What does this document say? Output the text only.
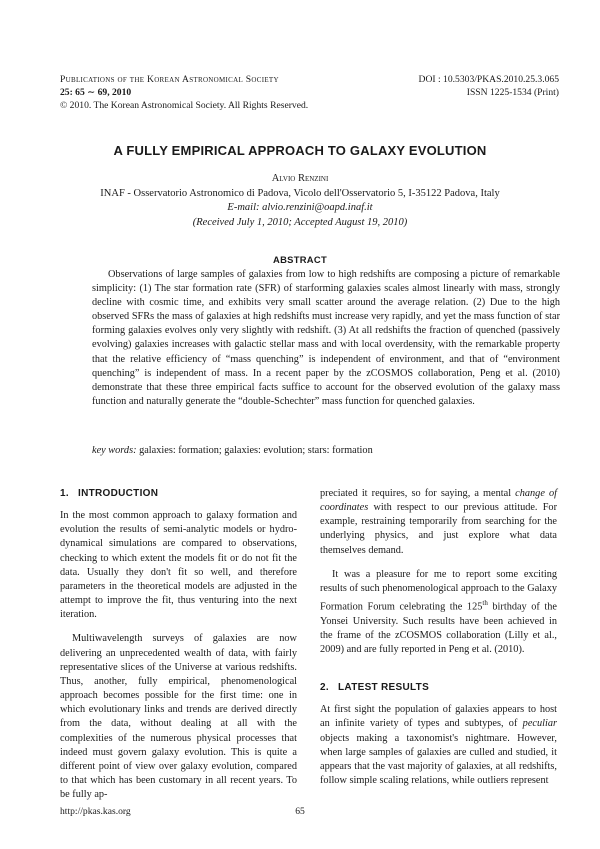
Publications of the Korean Astronomical Society
25: 65 ∼ 69, 2010
© 2010. The Korean Astronomical Society. All Rights Reserved.
DOI : 10.5303/PKAS.2010.25.3.065
ISSN 1225-1534 (Print)
A FULLY EMPIRICAL APPROACH TO GALAXY EVOLUTION
Alvio Renzini
INAF - Osservatorio Astronomico di Padova, Vicolo dell'Osservatorio 5, I-35122 Padova, Italy
E-mail: alvio.renzini@oapd.inaf.it
(Received July 1, 2010; Accepted August 19, 2010)
ABSTRACT

Observations of large samples of galaxies from low to high redshifts are composing a picture of remarkable simplicity: (1) The star formation rate (SFR) of starforming galaxies scales almost linearly with mass, strongly decline with cosmic time, and exhibits very small scatter around the average relation. (2) Due to the high observed SFRs the mass of galaxies at high redshifts must increase very rapidly, and yet the mass function of star forming galaxies evolves only very slightly with redshift. (3) At all redshifts the fraction of quenched (passively evolving) galaxies increases with galactic stellar mass and with local overdensity, with the remarkable property that the relative efficiency of “mass quenching” is independent of environment, and that of “environment quenching” is independent of mass. In a recent paper by the zCOSMOS collaboration, Peng et al. (2010) demonstrate that these three empirical facts suffice to account for the observed evolution of the galaxy mass function and naturally generate the “double-Schechter” mass function for quenched galaxies.

key words: galaxies: formation; galaxies: evolution; stars: formation
1. INTRODUCTION

In the most common approach to galaxy formation and evolution the results of semi-analytic models or hydro-dynamical simulations are compared to observations, checking to which extent the models fit or do not fit the data. Usually they don't fit so well, and therefore parameters in the theoretical models are adjusted in the attempt to improve the fit, thus venturing into the next iteration.

Multiwavelength surveys of galaxies are now delivering an unprecedented wealth of data, with fairly representative slices of the Universe at various redshifts. Thus, another, fully empirical, phenomenological approach becomes possible for the first time: one in which evolutionary links and trends are derived directly from the data, without dealing at all with the complexities of the numerous physical processes that indeed must govern galaxy evolution. This is quite a different point of view over galaxy evolution, compared to that which has been customary in all recent years. To be fully ap-

preciated it requires, so for saying, a mental change of coordinates with respect to our previous attitude. For example, restraining temporarily from searching for the underlying physics, and just explore what data themselves demand.

It was a pleasure for me to report some exciting results of such phenomenological approach to the Galaxy Formation Forum celebrating the 125th birthday of the Yonsei University. Such results have been achieved in the frame of the zCOSMOS collaboration (Lilly et al., 2009) and are fully reported in Peng et al. (2010).

2. LATEST RESULTS

At first sight the population of galaxies appears to host an infinite variety of types and subtypes, of peculiar objects making a taxonomist's nightmare. However, when large samples of galaxies are culled and studied, it appears that the vast majority of galaxies, at all redshifts, follow simple scaling relations, while outliers represent

http://pkas.kas.org	65
